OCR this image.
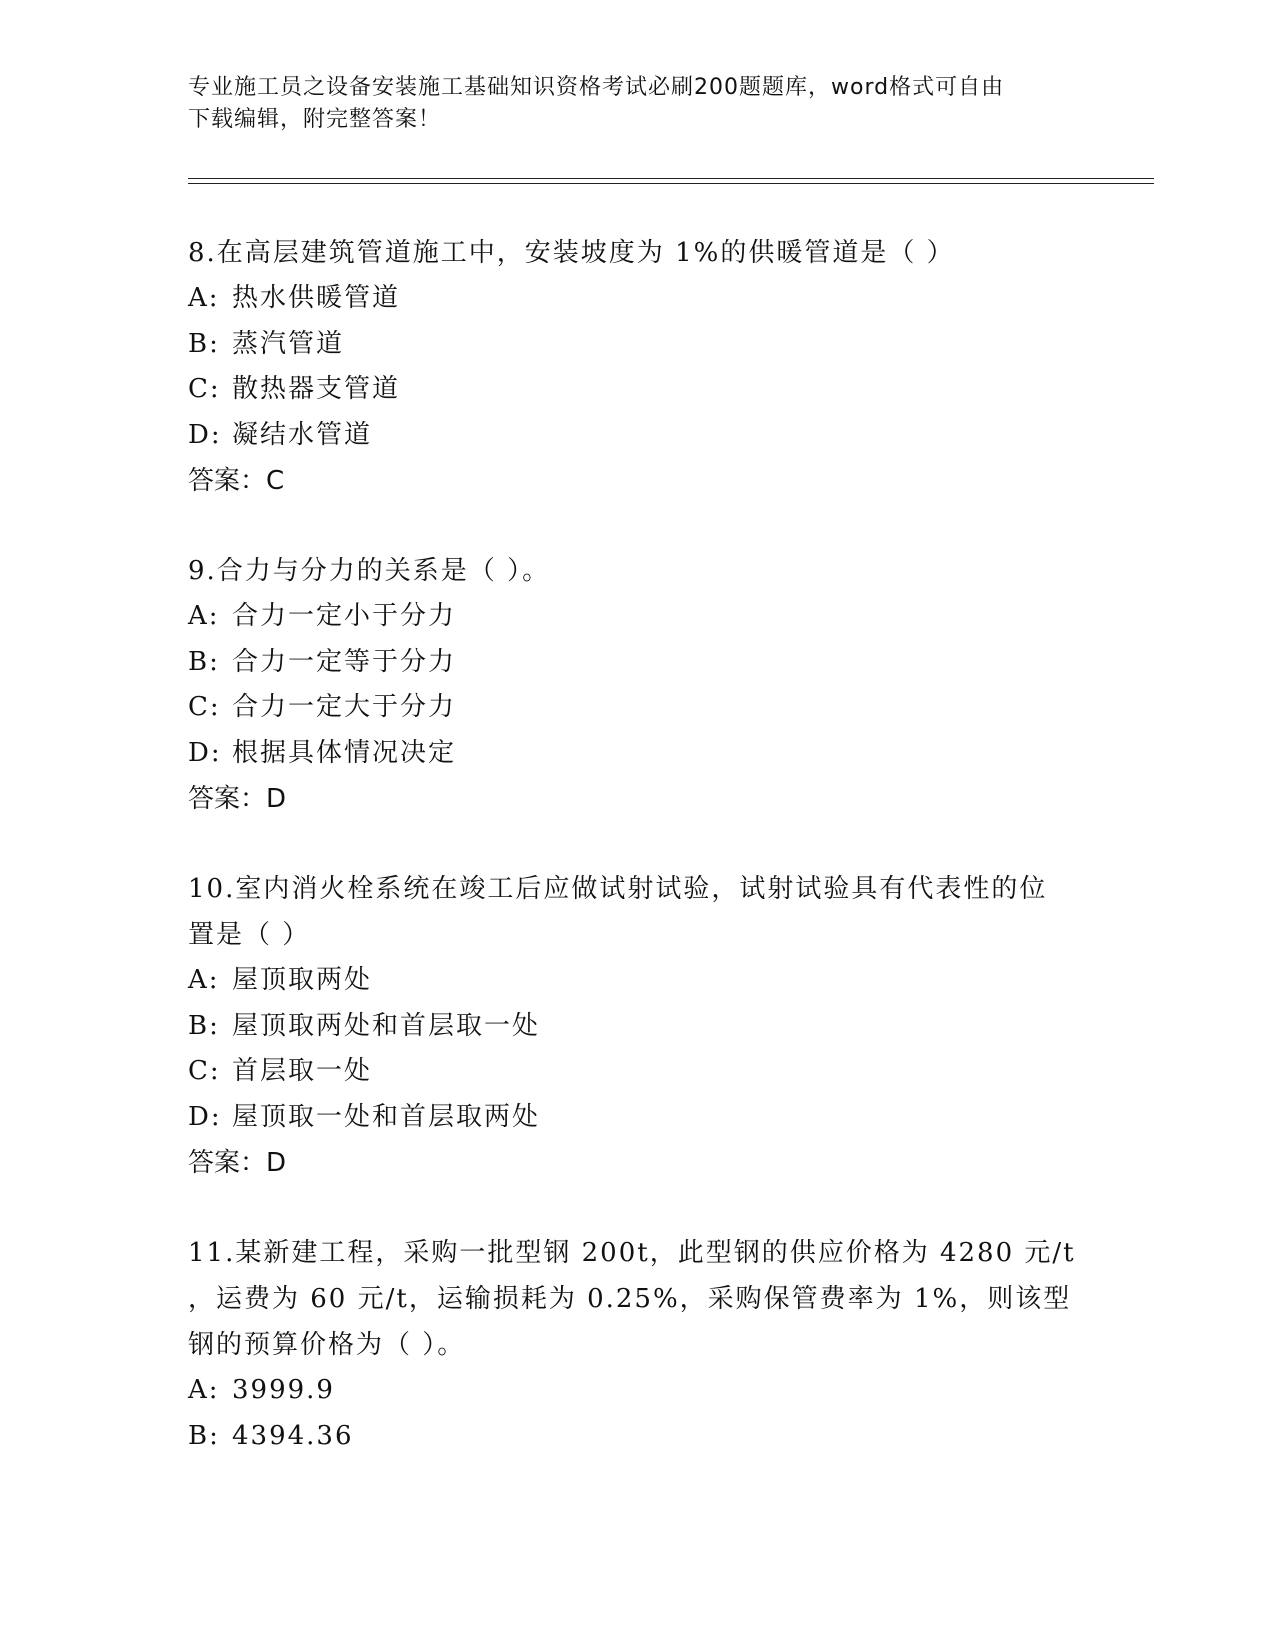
专业施工员之设备安装施工基础知识资格考试必刷200题题库，word格式可自由
下载编辑，附完整答案！
8.在高层建筑管道施工中，安装坡度为 1%的供暖管道是（ ）
A: 热水供暖管道
B: 蒸汽管道
C: 散热器支管道
D: 凝结水管道
答案：C
9.合力与分力的关系是（ ）。
A: 合力一定小于分力
B: 合力一定等于分力
C: 合力一定大于分力
D: 根据具体情况决定
答案：D
10.室内消火栓系统在竣工后应做试射试验，试射试验具有代表性的位
置是（ ）
A: 屋顶取两处
B: 屋顶取两处和首层取一处
C: 首层取一处
D: 屋顶取一处和首层取两处
答案：D
11.某新建工程，采购一批型钢 200t，此型钢的供应价格为 4280 元/t
，运费为 60 元/t，运输损耗为 0.25%，采购保管费率为 1%，则该型
钢的预算价格为（ ）。
A: 3999.9
B: 4394.36
